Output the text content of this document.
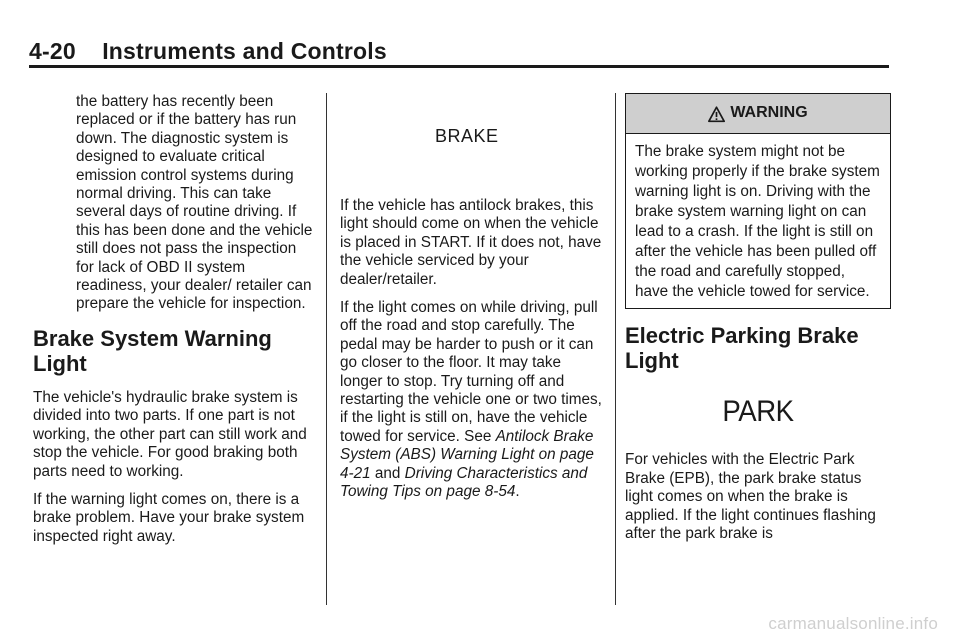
4-20 Instruments and Controls

the battery has recently been replaced or if the battery has run down. The diagnostic system is designed to evaluate critical emission control systems during normal driving. This can take several days of routine driving. If this has been done and the vehicle still does not pass the inspection for lack of OBD II system readiness, your dealer/ retailer can prepare the vehicle for inspection.

Brake System Warning Light

The vehicle's hydraulic brake system is divided into two parts. If one part is not working, the other part can still work and stop the vehicle. For good braking both parts need to working.

If the warning light comes on, there is a brake problem. Have your brake system inspected right away.

BRAKE

If the vehicle has antilock brakes, this light should come on when the vehicle is placed in START. If it does not, have the vehicle serviced by your dealer/retailer.

If the light comes on while driving, pull off the road and stop carefully. The pedal may be harder to push or it can go closer to the floor. It may take longer to stop. Try turning off and restarting the vehicle one or two times, if the light is still on, have the vehicle towed for service. See Antilock Brake System (ABS) Warning Light on page 4-21 and Driving Characteristics and Towing Tips on page 8-54.

WARNING
The brake system might not be working properly if the brake system warning light is on. Driving with the brake system warning light on can lead to a crash. If the light is still on after the vehicle has been pulled off the road and carefully stopped, have the vehicle towed for service.
Electric Parking Brake Light
PARK

For vehicles with the Electric Park Brake (EPB), the park brake status light comes on when the brake is applied. If the light continues flashing after the park brake is

carmanualsonline.info
